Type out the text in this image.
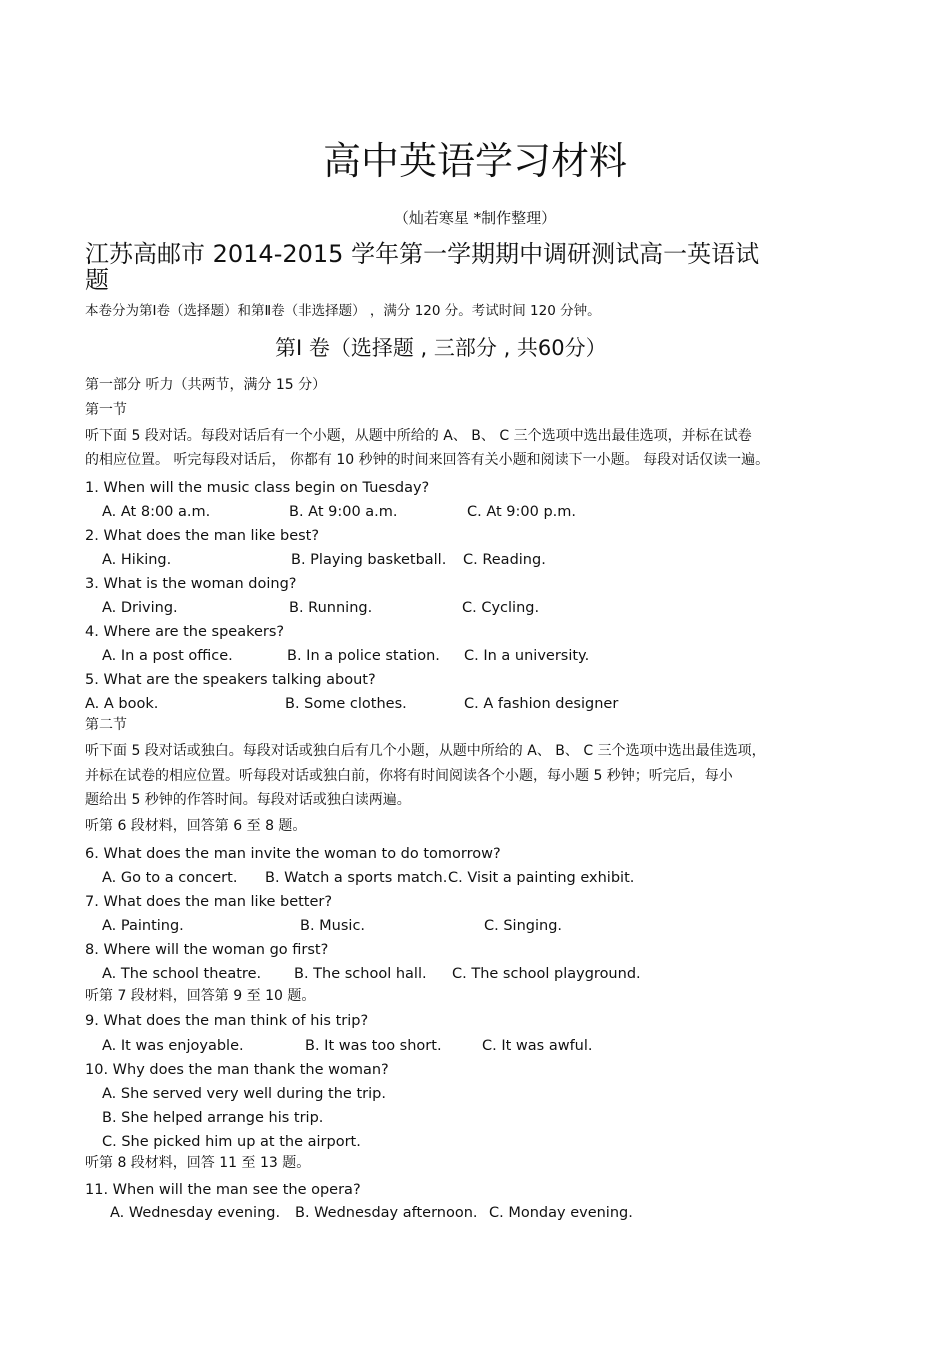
高中英语学习材料
（灿若寒星 *制作整理）
江苏高邮市 2014-2015 学年第一学期期中调研测试高一英语试
题
本卷分为第Ⅰ卷（选择题）和第Ⅱ卷（非选择题） ，满分 120 分。考试时间 120 分钟。
第Ⅰ 卷（选择题 , 三部分 , 共60分）
第一部分 听力（共两节，满分 15 分）
第一节
听下面 5 段对话。每段对话后有一个小题，从题中所给的 A、 B、 C 三个选项中选出最佳选项，并标在试卷
的相应位置。 听完每段对话后， 你都有 10 秒钟的时间来回答有关小题和阅读下一小题。 每段对话仅读一遍。
1. When will the music class begin on Tuesday?
A. At 8:00 a.m.	B. At 9:00 a.m.	C. At 9:00 p.m.
2. What does the man like best?
A. Hiking.	B. Playing basketball. C. Reading.
3. What is the woman doing?
A. Driving.	B. Running.	C. Cycling.
4. Where are the speakers?
A. In a post office.	B. In a police station. C. In a university.
5. What are the speakers talking about?
A. A book.	B. Some clothes.	C. A fashion designer
第二节
听下面 5 段对话或独白。每段对话或独白后有几个小题，从题中所给的 A、 B、 C 三个选项中选出最佳选项，
并标在试卷的相应位置。听每段对话或独白前，你将有时间阅读各个小题，每小题 5 秒钟；听完后，每小
题给出 5 秒钟的作答时间。每段对话或独白读两遍。
听第 6 段材料，回答第 6 至 8 题。
6. What does the man invite the woman to do tomorrow?
A. Go to a concert. B. Watch a sports match. C. Visit a painting exhibit.
7. What does the man like better?
A. Painting.	B. Music.	C. Singing.
8. Where will the woman go first?
A. The school theatre. B. The school hall. C. The school playground.
听第 7 段材料，回答第 9 至 10 题。
9. What does the man think of his trip?
A. It was enjoyable.	B. It was too short.	C. It was awful.
10. Why does the man thank the woman?
A. She served very well during the trip.
B. She helped arrange his trip.
C. She picked him up at the airport.
听第 8 段材料，回答 11 至 13 题。
11. When will the man see the opera?
A. Wednesday evening. B. Wednesday afternoon. C. Monday evening.
